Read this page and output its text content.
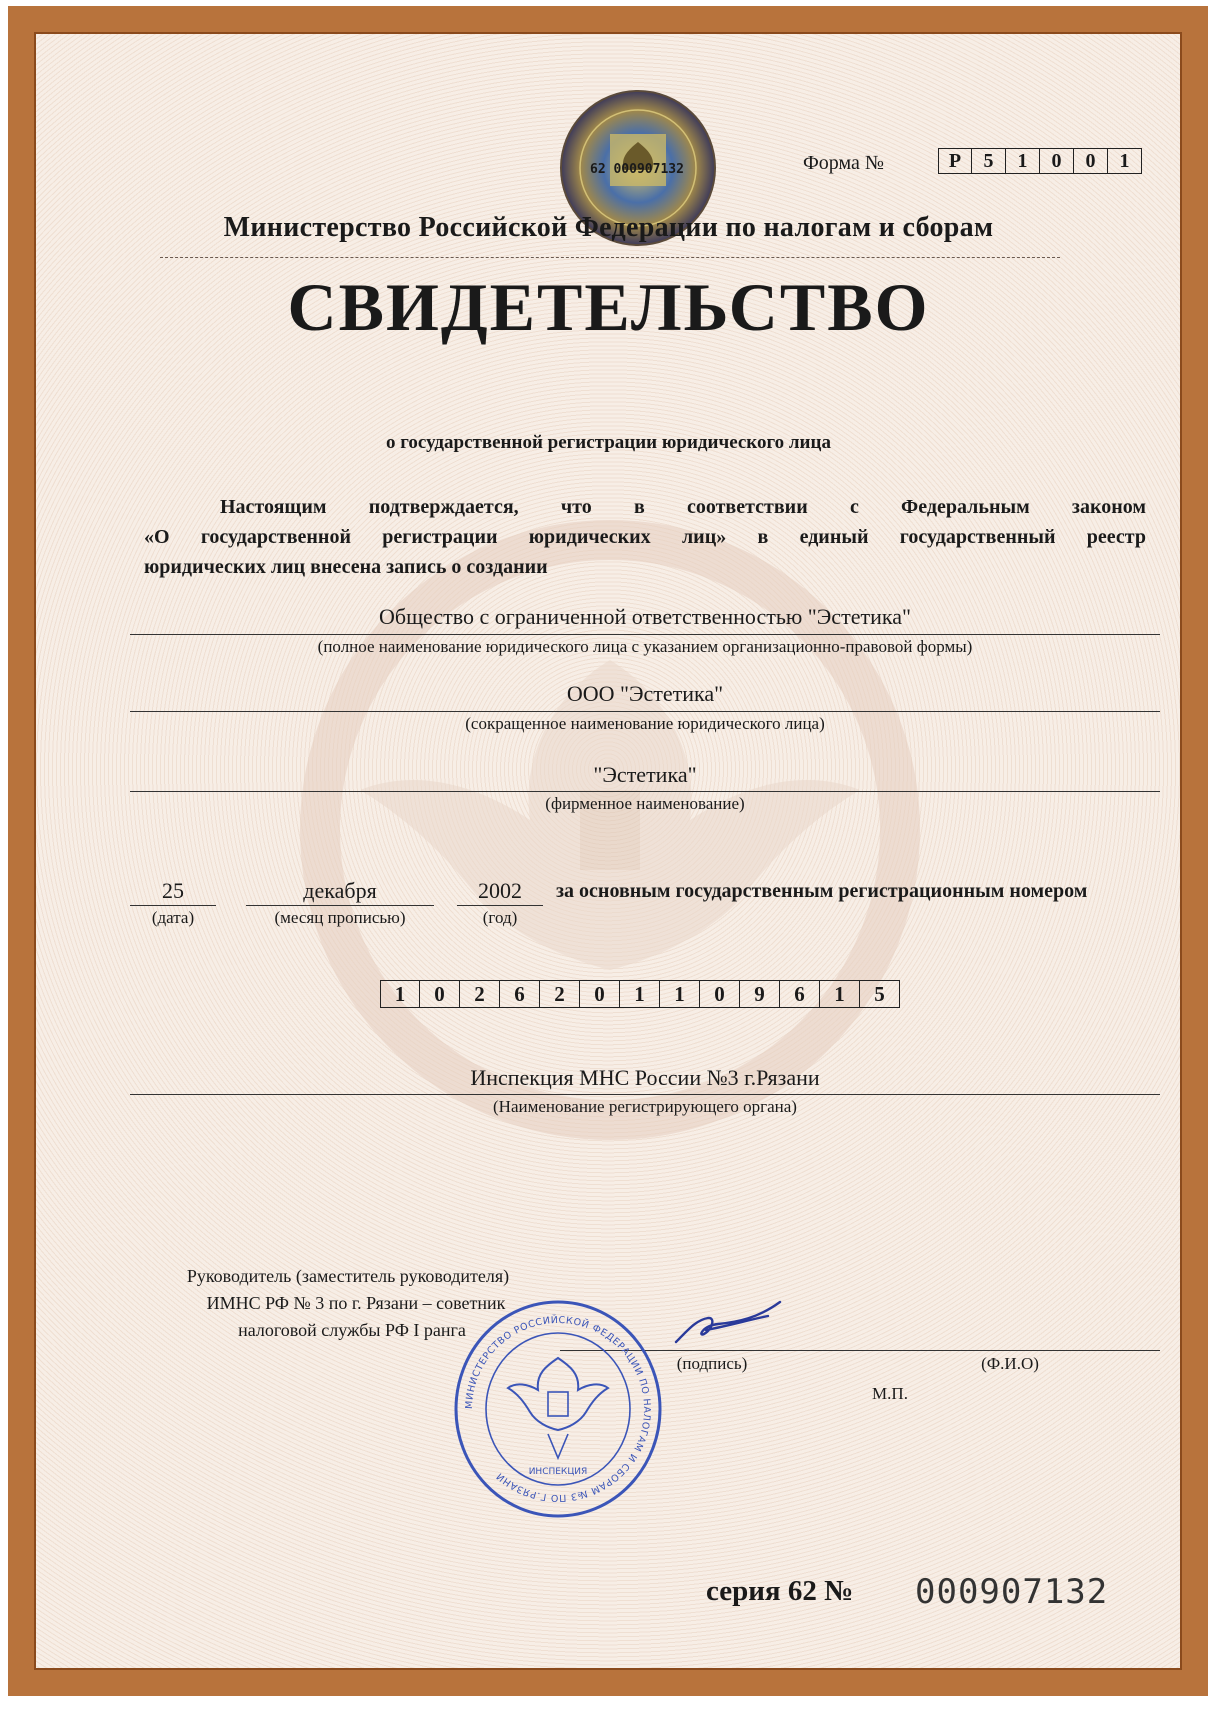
62 000907132	Форма №	Р	5	1	0	0	1
Министерство Российской Федерации по налогам и сборам
СВИДЕТЕЛЬСТВО
о государственной регистрации юридического лица

Настоящим подтверждается, что в соответствии с Федеральным законом

«О государственной регистрации юридических лиц» в единый государственный реестр

юридических лиц внесена запись о создании

Общество с ограниченной ответственностью "Эстетика"
(полное наименование юридического лица с указанием организационно-правовой формы)
ООО "Эстетика"
(сокращенное наименование юридического лица)
"Эстетика"
(фирменное наименование)
25
(дата)
декабря
(месяц прописью)
2002
(год)
за основным государственным регистрационным номером
1	0	2	6	2	0	1	1	0	9	6	1	5
Инспекция МНС России №3 г.Рязани
(Наименование регистрирующего органа)
Руководитель (заместитель руководителя)
ИМНС РФ № 3 по г. Рязани – советник
налоговой службы РФ I ранга
(подпись)	(Ф.И.О)
М.П.
МИНИСТЕРСТВО РОССИЙСКОЙ ФЕДЕРАЦИИ ПО НАЛОГАМ И СБОРАМ №3 ПО Г.РЯЗАНИ	ИНСПЕКЦИЯ
серия 62 № 000907132
